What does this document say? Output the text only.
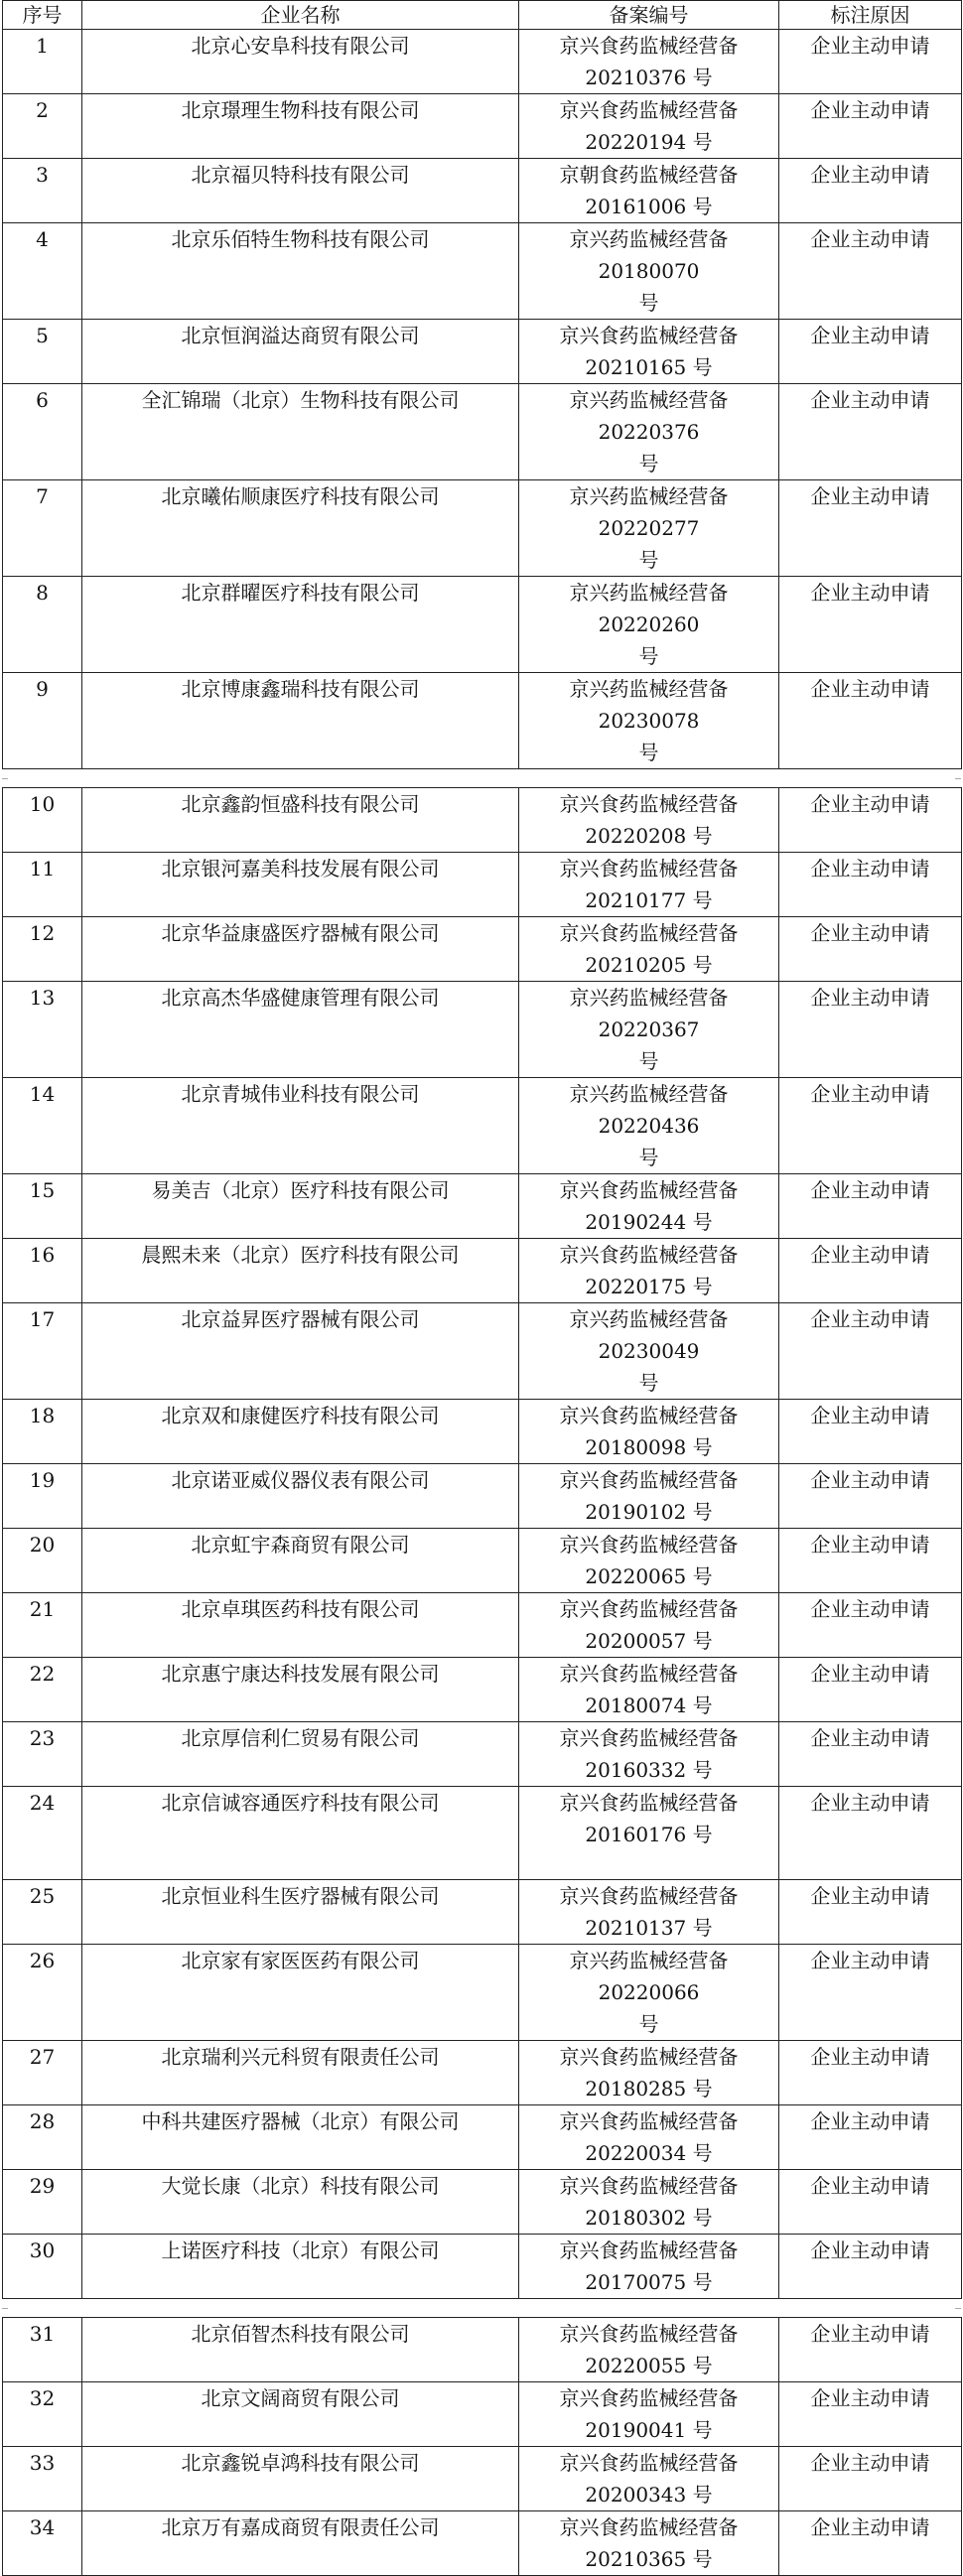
序号	企业名称	备案编号	标注原因
1	北京心安阜科技有限公司	京兴食药监械经营备
20210376 号	企业主动申请
2	北京璟理生物科技有限公司	京兴食药监械经营备
20220194 号	企业主动申请
3	北京福贝特科技有限公司	京朝食药监械经营备
20161006 号	企业主动申请
4	北京乐佰特生物科技有限公司	京兴药监械经营备 20180070
号	企业主动申请
5	北京恒润溢达商贸有限公司	京兴食药监械经营备
20210165 号	企业主动申请
6	全汇锦瑞（北京）生物科技有限公司	京兴药监械经营备 20220376
号	企业主动申请
7	北京曦佑顺康医疗科技有限公司	京兴药监械经营备 20220277
号	企业主动申请
8	北京群曜医疗科技有限公司	京兴药监械经营备 20220260
号	企业主动申请
9	北京博康鑫瑞科技有限公司	京兴药监械经营备 20230078
号	企业主动申请
10	北京鑫韵恒盛科技有限公司	京兴食药监械经营备
20220208 号	企业主动申请
11	北京银河嘉美科技发展有限公司	京兴食药监械经营备
20210177 号	企业主动申请
12	北京华益康盛医疗器械有限公司	京兴食药监械经营备
20210205 号	企业主动申请
13	北京高杰华盛健康管理有限公司	京兴药监械经营备 20220367
号	企业主动申请
14	北京青城伟业科技有限公司	京兴药监械经营备 20220436
号	企业主动申请
15	易美吉（北京）医疗科技有限公司	京兴食药监械经营备
20190244 号	企业主动申请
16	晨熙未来（北京）医疗科技有限公司	京兴食药监械经营备
20220175 号	企业主动申请
17	北京益昇医疗器械有限公司	京兴药监械经营备 20230049
号	企业主动申请
18	北京双和康健医疗科技有限公司	京兴食药监械经营备
20180098 号	企业主动申请
19	北京诺亚威仪器仪表有限公司	京兴食药监械经营备
20190102 号	企业主动申请
20	北京虹宇森商贸有限公司	京兴食药监械经营备
20220065 号	企业主动申请
21	北京卓琪医药科技有限公司	京兴食药监械经营备
20200057 号	企业主动申请
22	北京惠宁康达科技发展有限公司	京兴食药监械经营备
20180074 号	企业主动申请
23	北京厚信利仁贸易有限公司	京兴食药监械经营备
20160332 号	企业主动申请
24	北京信诚容通医疗科技有限公司	京兴食药监械经营备
20160176 号	企业主动申请
25	北京恒业科生医疗器械有限公司	京兴食药监械经营备
20210137 号	企业主动申请
26	北京家有家医医药有限公司	京兴药监械经营备 20220066
号	企业主动申请
27	北京瑞利兴元科贸有限责任公司	京兴食药监械经营备
20180285 号	企业主动申请
28	中科共建医疗器械（北京）有限公司	京兴食药监械经营备
20220034 号	企业主动申请
29	大觉长康（北京）科技有限公司	京兴食药监械经营备
20180302 号	企业主动申请
30	上诺医疗科技（北京）有限公司	京兴食药监械经营备
20170075 号	企业主动申请
31	北京佰智杰科技有限公司	京兴食药监械经营备
20220055 号	企业主动申请
32	北京文阔商贸有限公司	京兴食药监械经营备
20190041 号	企业主动申请
33	北京鑫锐卓鸿科技有限公司	京兴食药监械经营备
20200343 号	企业主动申请
34	北京万有嘉成商贸有限责任公司	京兴食药监械经营备
20210365 号	企业主动申请
